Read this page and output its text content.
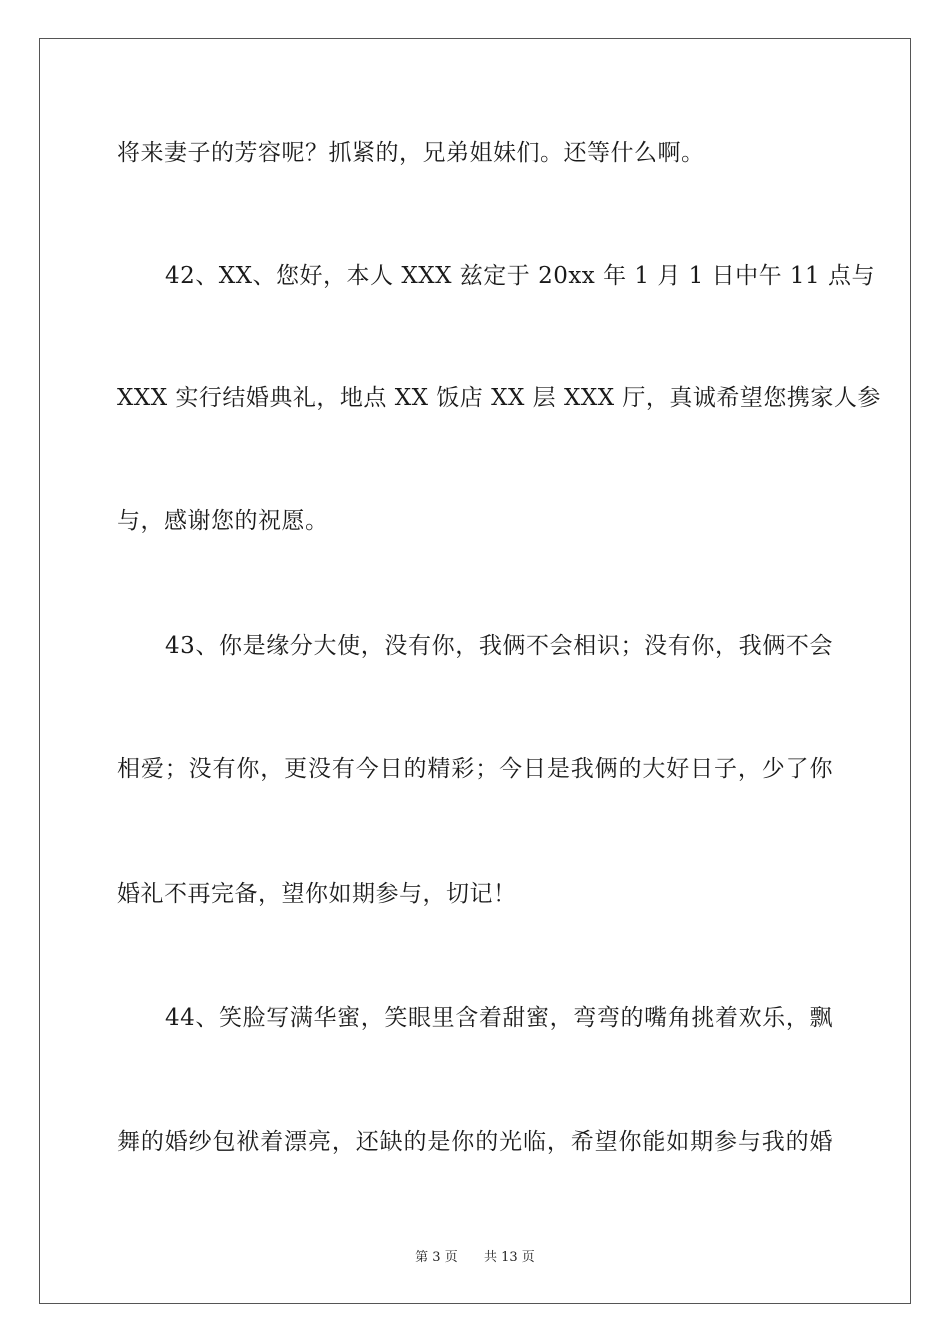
将来妻子的芳容呢？抓紧的，兄弟姐妹们。还等什么啊。
42、XX、您好，本人 XXX 兹定于 20xx 年 1 月 1 日中午 11 点与
XXX 实行结婚典礼，地点 XX 饭店 XX 层 XXX 厅，真诚希望您携家人参
与，感谢您的祝愿。
43、你是缘分大使，没有你，我俩不会相识；没有你，我俩不会
相爱；没有你，更没有今日的精彩；今日是我俩的大好日子，少了你
婚礼不再完备，望你如期参与，切记！
44、笑脸写满华蜜，笑眼里含着甜蜜，弯弯的嘴角挑着欢乐，飘
舞的婚纱包袱着漂亮，还缺的是你的光临，希望你能如期参与我的婚
第 3 页 共 13 页
